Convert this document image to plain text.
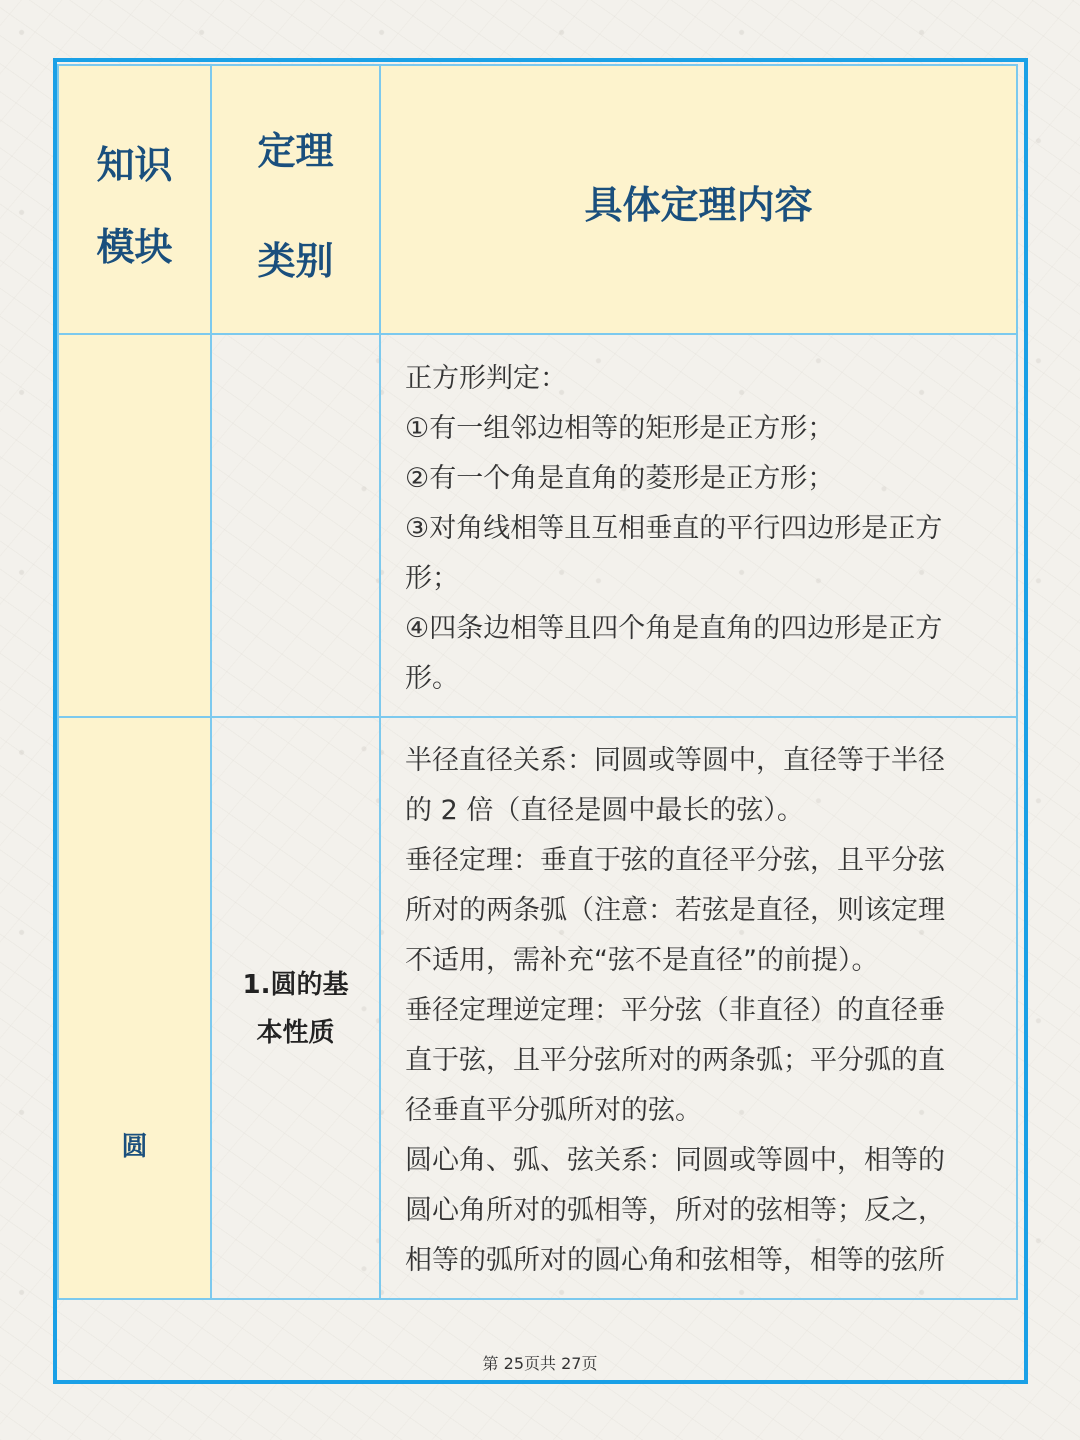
知识
模块
定理
类别
具体定理内容
正方形判定：
①有一组邻边相等的矩形是正方形；
②有一个角是直角的菱形是正方形；
③对角线相等且互相垂直的平行四边形是正方
形；
④四条边相等且四个角是直角的四边形是正方
形。
圆
1.圆的基
本性质
半径直径关系：同圆或等圆中，直径等于半径
的 2 倍（直径是圆中最长的弦）。
垂径定理：垂直于弦的直径平分弦，且平分弦
所对的两条弧（注意：若弦是直径，则该定理
不适用，需补充“弦不是直径”的前提）。
垂径定理逆定理：平分弦（非直径）的直径垂
直于弦，且平分弦所对的两条弧；平分弧的直
径垂直平分弧所对的弦。
圆心角、弧、弦关系：同圆或等圆中，相等的
圆心角所对的弧相等，所对的弦相等；反之，
相等的弧所对的圆心角和弦相等，相等的弦所
第 25页共 27页
